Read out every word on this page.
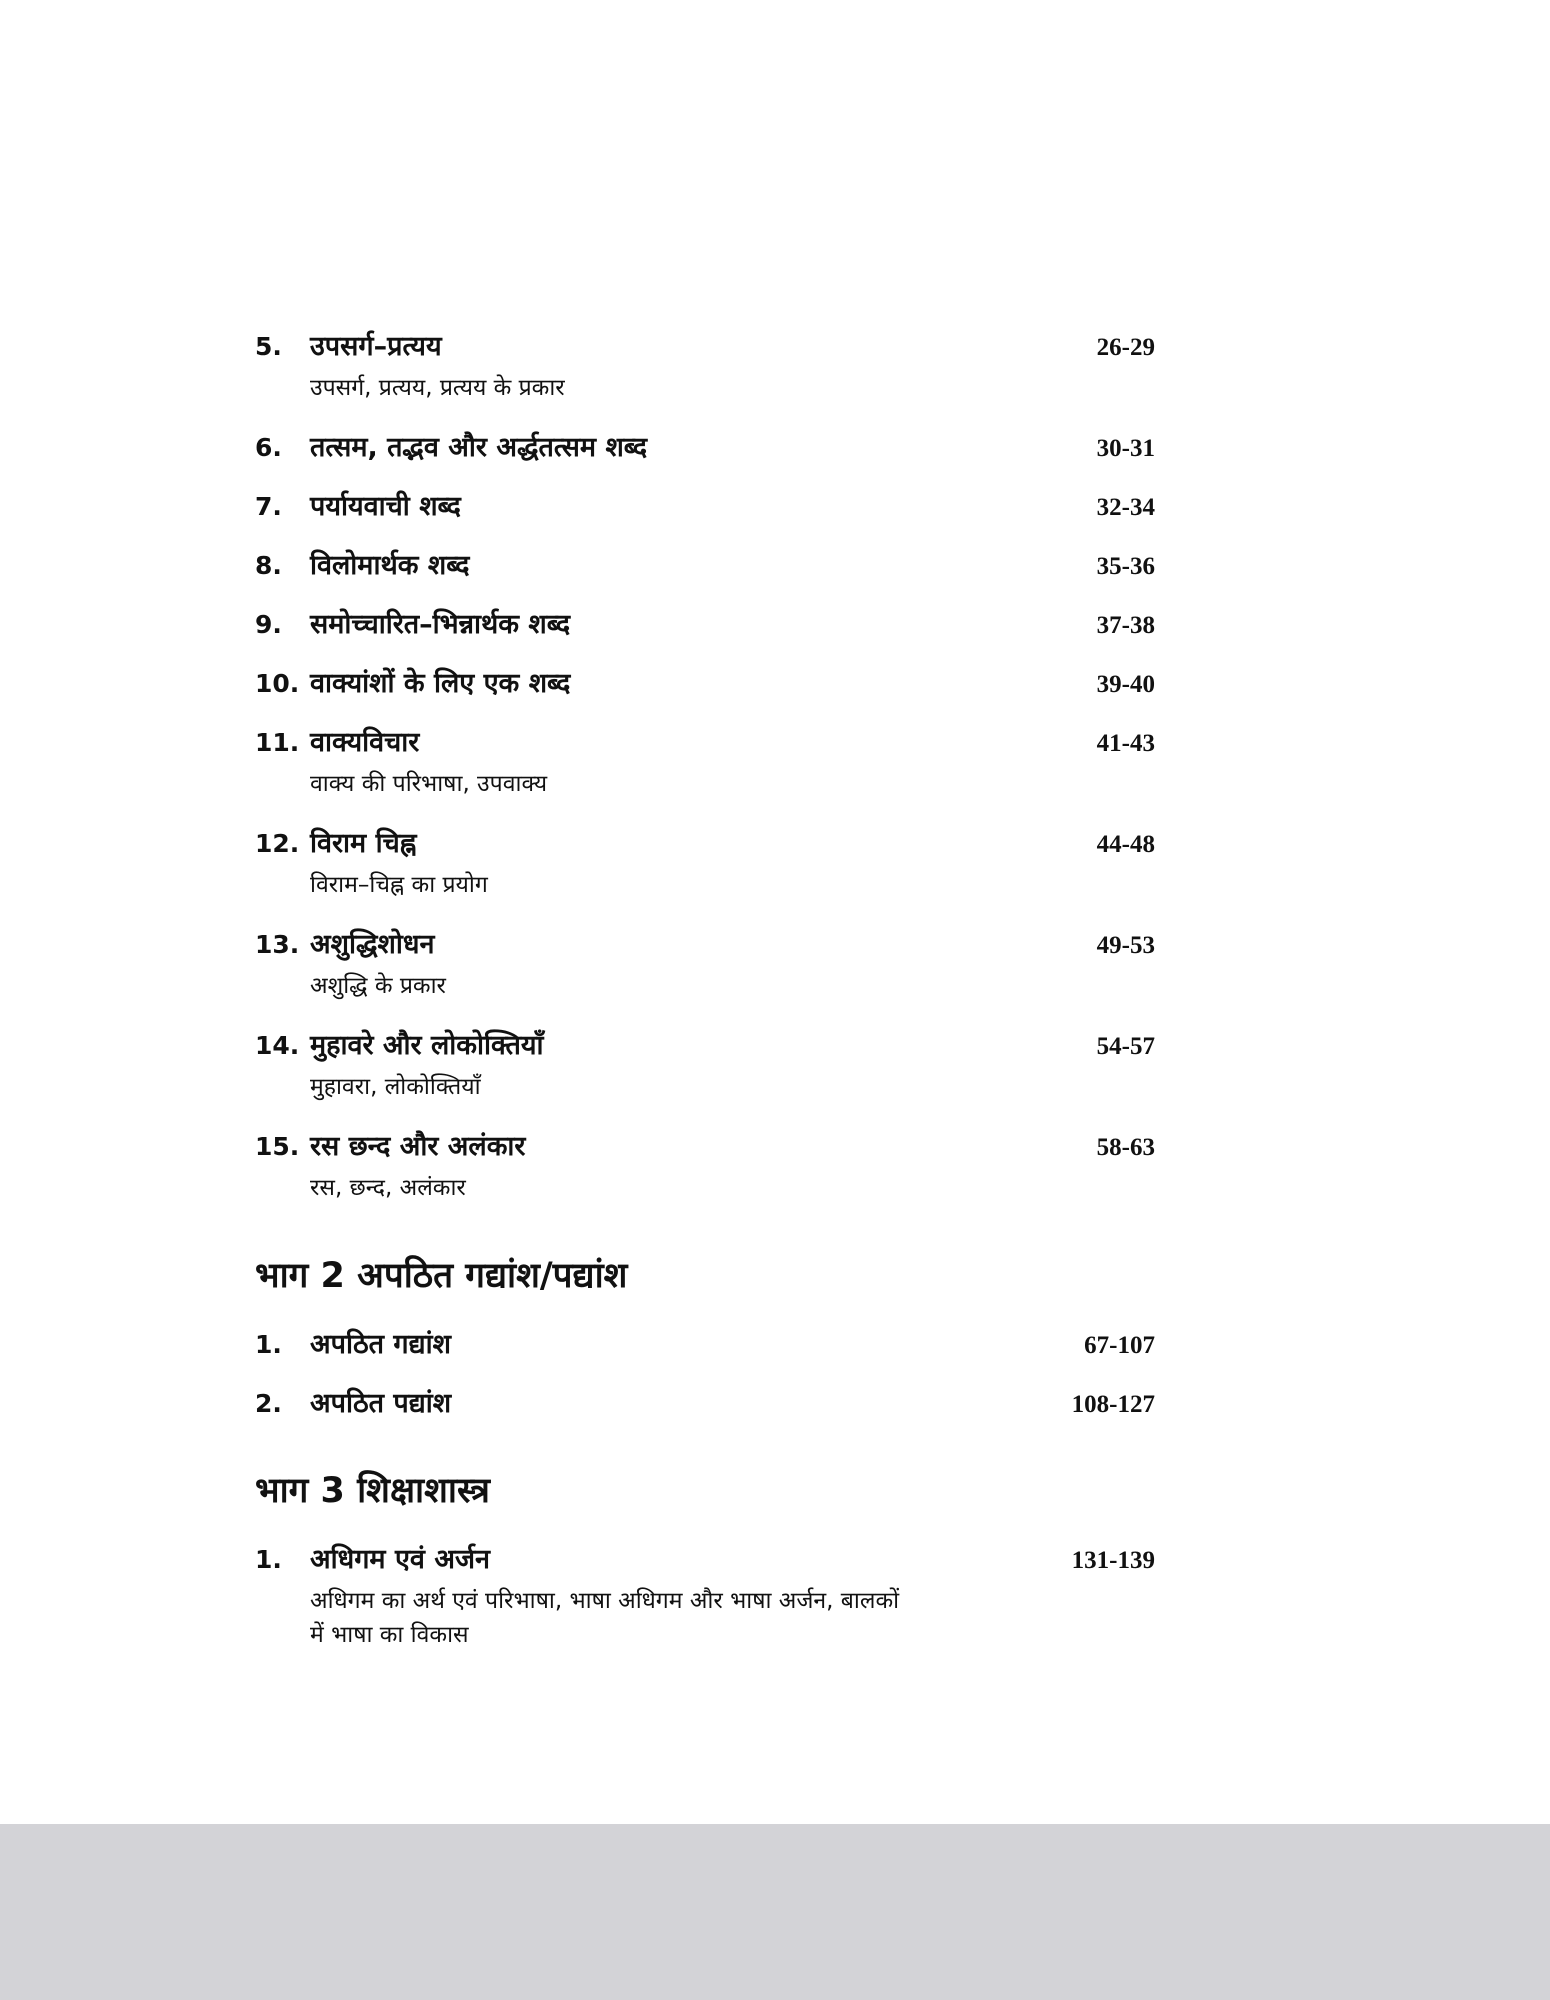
5.	उपसर्ग–प्रत्यय	26-29
उपसर्ग, प्रत्यय, प्रत्यय के प्रकार
6.	तत्सम, तद्भव और अर्द्धतत्सम शब्द	30-31
7.	पर्यायवाची शब्द	32-34
8.	विलोमार्थक शब्द	35-36
9.	समोच्चारित–भिन्नार्थक शब्द	37-38
10. वाक्यांशों के लिए एक शब्द	39-40
11. वाक्यविचार	41-43
वाक्य की परिभाषा, उपवाक्य
12. विराम चिह्न	44-48
विराम–चिह्न का प्रयोग
13. अशुद्धिशोधन	49-53
अशुद्धि के प्रकार
14. मुहावरे और लोकोक्तियाँ	54-57
मुहावरा, लोकोक्तियाँ
15. रस छन्द और अलंकार	58-63
रस, छन्द, अलंकार
भाग 2 अपठित गद्यांश/पद्यांश
1.	अपठित गद्यांश	67-107
2.	अपठित पद्यांश	108-127
भाग 3 शिक्षाशास्त्र
1.	अधिगम एवं अर्जन	131-139
अधिगम का अर्थ एवं परिभाषा, भाषा अधिगम और भाषा अर्जन, बालकों
में भाषा का विकास
